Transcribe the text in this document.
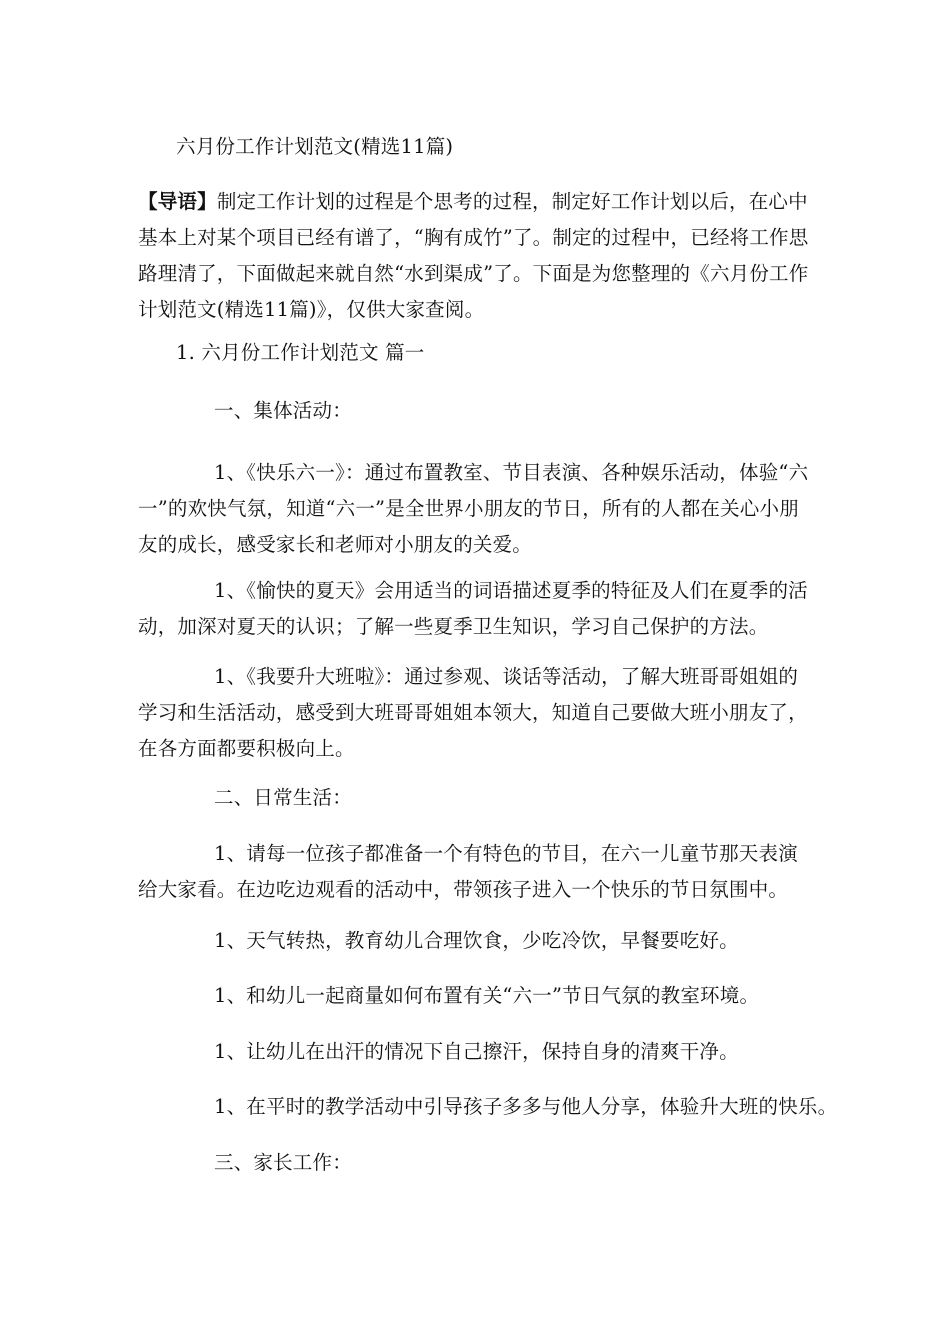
六月份工作计划范文(精选11篇)
【导语】制定工作计划的过程是个思考的过程，制定好工作计划以后，在心中基本上对某个项目已经有谱了，“胸有成竹”了。制定的过程中，已经将工作思路理清了，下面做起来就自然“水到渠成”了。下面是为您整理的《六月份工作计划范文(精选11篇)》，仅供大家查阅。
1. 六月份工作计划范文 篇一
一、集体活动：
1、《快乐六一》：通过布置教室、节目表演、各种娱乐活动，体验“六一”的欢快气氛，知道“六一”是全世界小朋友的节日，所有的人都在关心小朋友的成长，感受家长和老师对小朋友的关爱。
1、《愉快的夏天》会用适当的词语描述夏季的特征及人们在夏季的活动，加深对夏天的认识；了解一些夏季卫生知识，学习自己保护的方法。
1、《我要升大班啦》：通过参观、谈话等活动，了解大班哥哥姐姐的学习和生活活动，感受到大班哥哥姐姐本领大，知道自己要做大班小朋友了，在各方面都要积极向上。
二、日常生活：
1、请每一位孩子都准备一个有特色的节目，在六一儿童节那天表演给大家看。在边吃边观看的活动中，带领孩子进入一个快乐的节日氛围中。
1、天气转热，教育幼儿合理饮食，少吃冷饮，早餐要吃好。
1、和幼儿一起商量如何布置有关“六一”节日气氛的教室环境。
1、让幼儿在出汗的情况下自己擦汗，保持自身的清爽干净。
1、在平时的教学活动中引导孩子多多与他人分享，体验升大班的快乐。
三、家长工作：
